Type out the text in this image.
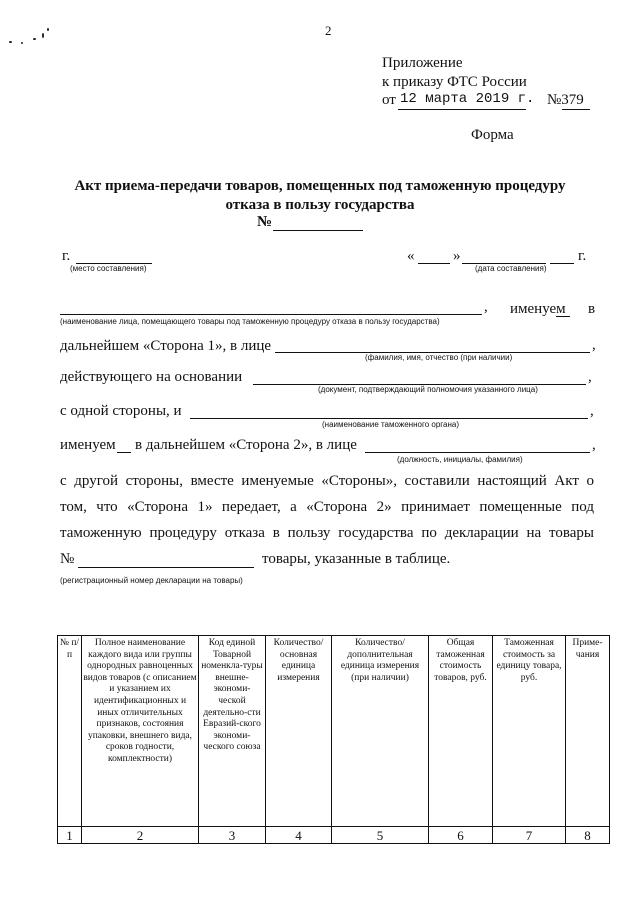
2
Приложение
к приказу ФТС России
от 12 марта 2019 г. №379
Форма
Акт приема-передачи товаров, помещенных под таможенную процедуру
отказа в пользу государства
№
г.
(место составления)
«	»	г.
(дата составления)
, именуем в
(наименование лица, помещающего товары под таможенную процедуру отказа в пользу государства)
дальнейшем «Сторона 1», в лице	,
(фамилия, имя, отчество (при наличии)
действующего на основании	,
(документ, подтверждающий полномочия указанного лица)
с одной стороны, и	,
(наименование таможенного органа)
именуем в дальнейшем «Сторона 2», в лице	,
(должность, инициалы, фамилия)
с другой стороны, вместе именуемые «Стороны», составили настоящий Акт о
том, что «Сторона 1» передает, а «Сторона 2» принимает помещенные под
таможенную процедуру отказа в пользу государства по декларации на товары
№	товары, указанные в таблице.
(регистрационный номер декларации на товары)
№ п/п	Полное наименование каждого вида или группы однородных равноценных видов товаров (с описанием и указанием их идентификационных и иных отличительных признаков, состояния упаковки, внешнего вида, сроков годности, комплектности)	Код единой Товарной номенкла-туры внешне-экономи-ческой деятельно-сти Евразий-ского экономи-ческого союза	Количество/ основная единица измерения	Количество/ дополнительная единица измерения (при наличии)	Общая таможенная стоимость товаров, руб.	Таможенная стоимость за единицу товара, руб.	Приме-чания
1	2	3	4	5	6	7	8
